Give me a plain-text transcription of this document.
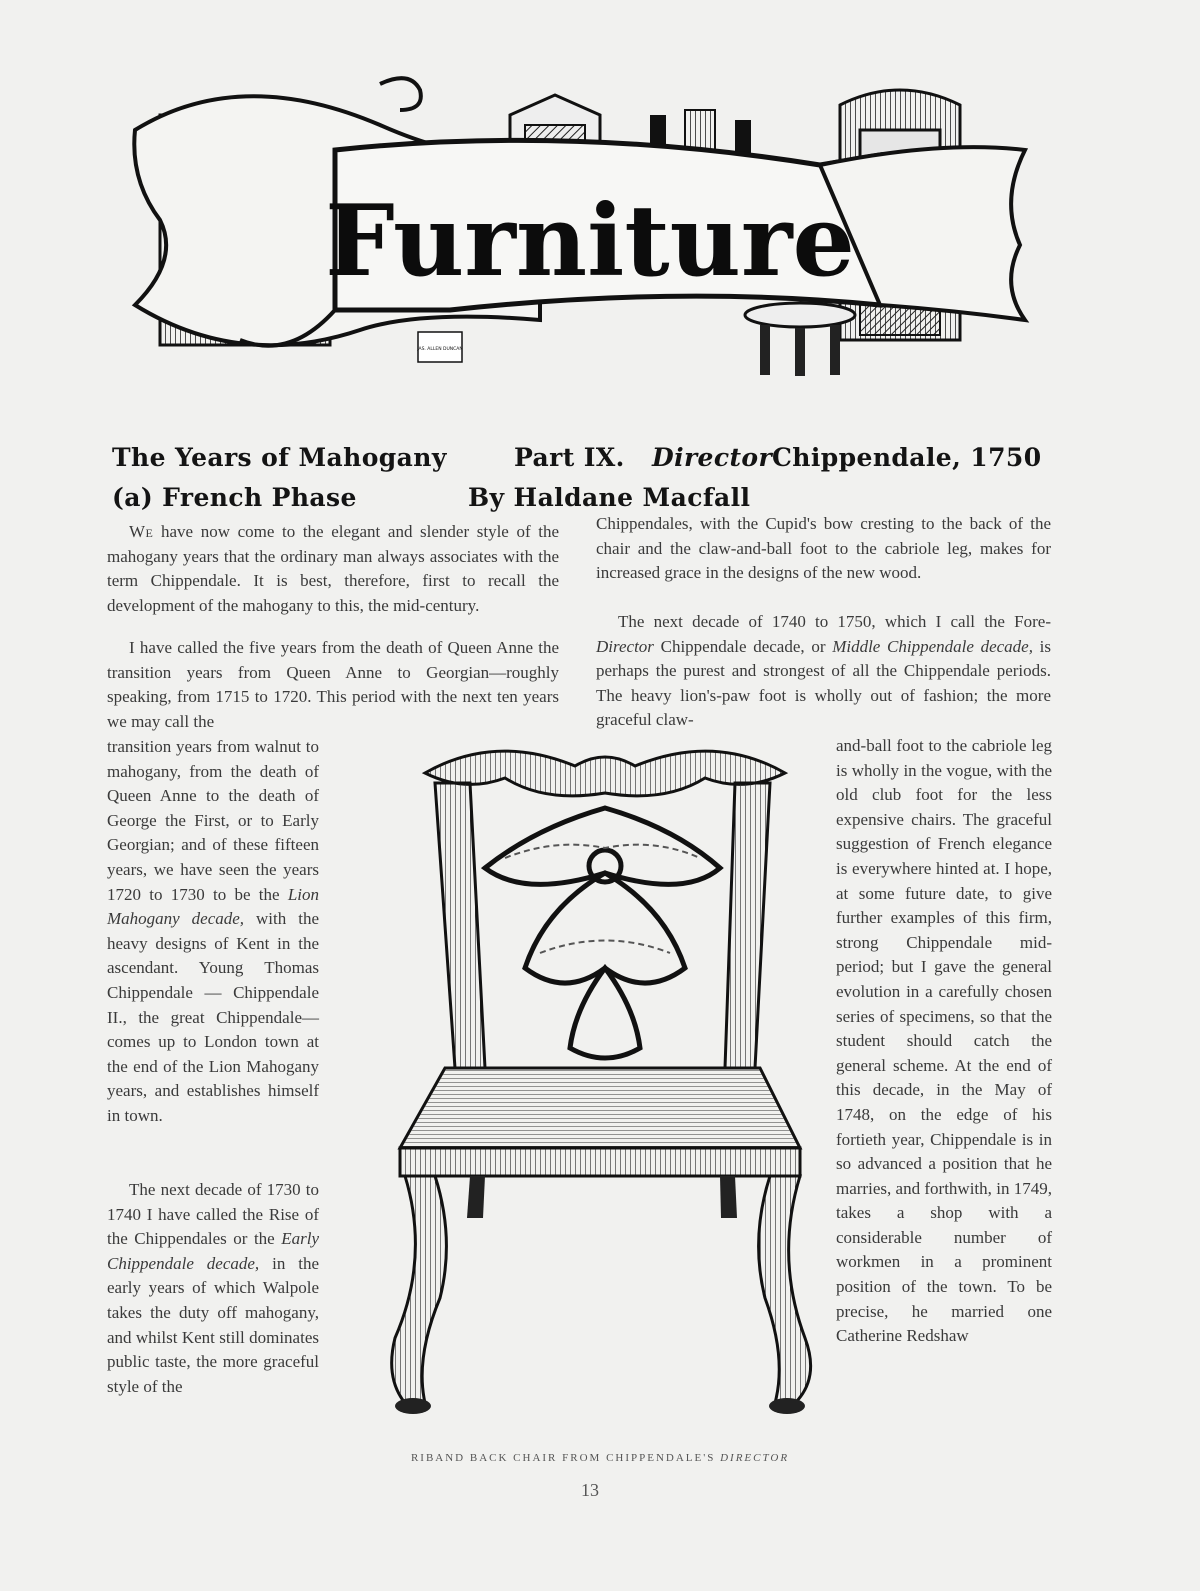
Furniture
JAS. ALLEN DUNCAN
The Years of Mahogany	Part IX. Director Chippendale, 1750
(a) French Phase	By Haldane Macfall

We have now come to the elegant and slender style of the mahogany years that the ordinary man always associates with the term Chippendale. It is best, therefore, first to recall the development of the mahogany to this, the mid-century.

I have called the five years from the death of Queen Anne the transition years from Queen Anne to Georgian—roughly speaking, from 1715 to 1720. This period with the next ten years we may call the

transition years from walnut to mahogany, from the death of Queen Anne to the death of George the First, or to Early Georgian; and of these fifteen years, we have seen the years 1720 to 1730 to be the Lion Mahogany decade, with the heavy designs of Kent in the ascendant. Young Thomas Chippendale — Chippendale II., the great Chippendale— comes up to London town at the end of the Lion Mahogany years, and establishes himself in town.

The next decade of 1730 to 1740 I have called the Rise of the Chippendales or the Early Chippendale decade, in the early years of which Walpole takes the duty off mahogany, and whilst Kent still dominates public taste, the more graceful style of the

Chippendales, with the Cupid's bow cresting to the back of the chair and the claw-and-ball foot to the cabriole leg, makes for increased grace in the designs of the new wood.

The next decade of 1740 to 1750, which I call the Fore-Director Chippendale decade, or Middle Chippendale decade, is perhaps the purest and strongest of all the Chippendale periods. The heavy lion's-paw foot is wholly out of fashion; the more graceful claw-

and-ball foot to the cabriole leg is wholly in the vogue, with the old club foot for the less expensive chairs. The graceful suggestion of French elegance is everywhere hinted at. I hope, at some future date, to give further examples of this firm, strong Chippendale mid-period; but I gave the general evolution in a carefully chosen series of specimens, so that the student should catch the general scheme. At the end of this decade, in the May of 1748, on the edge of his fortieth year, Chippendale is in so advanced a position that he marries, and forthwith, in 1749, takes a shop with a considerable number of workmen in a prominent position of the town. To be precise, he married one Catherine Redshaw

RIBAND BACK CHAIR FROM CHIPPENDALE'S DIRECTOR
13
